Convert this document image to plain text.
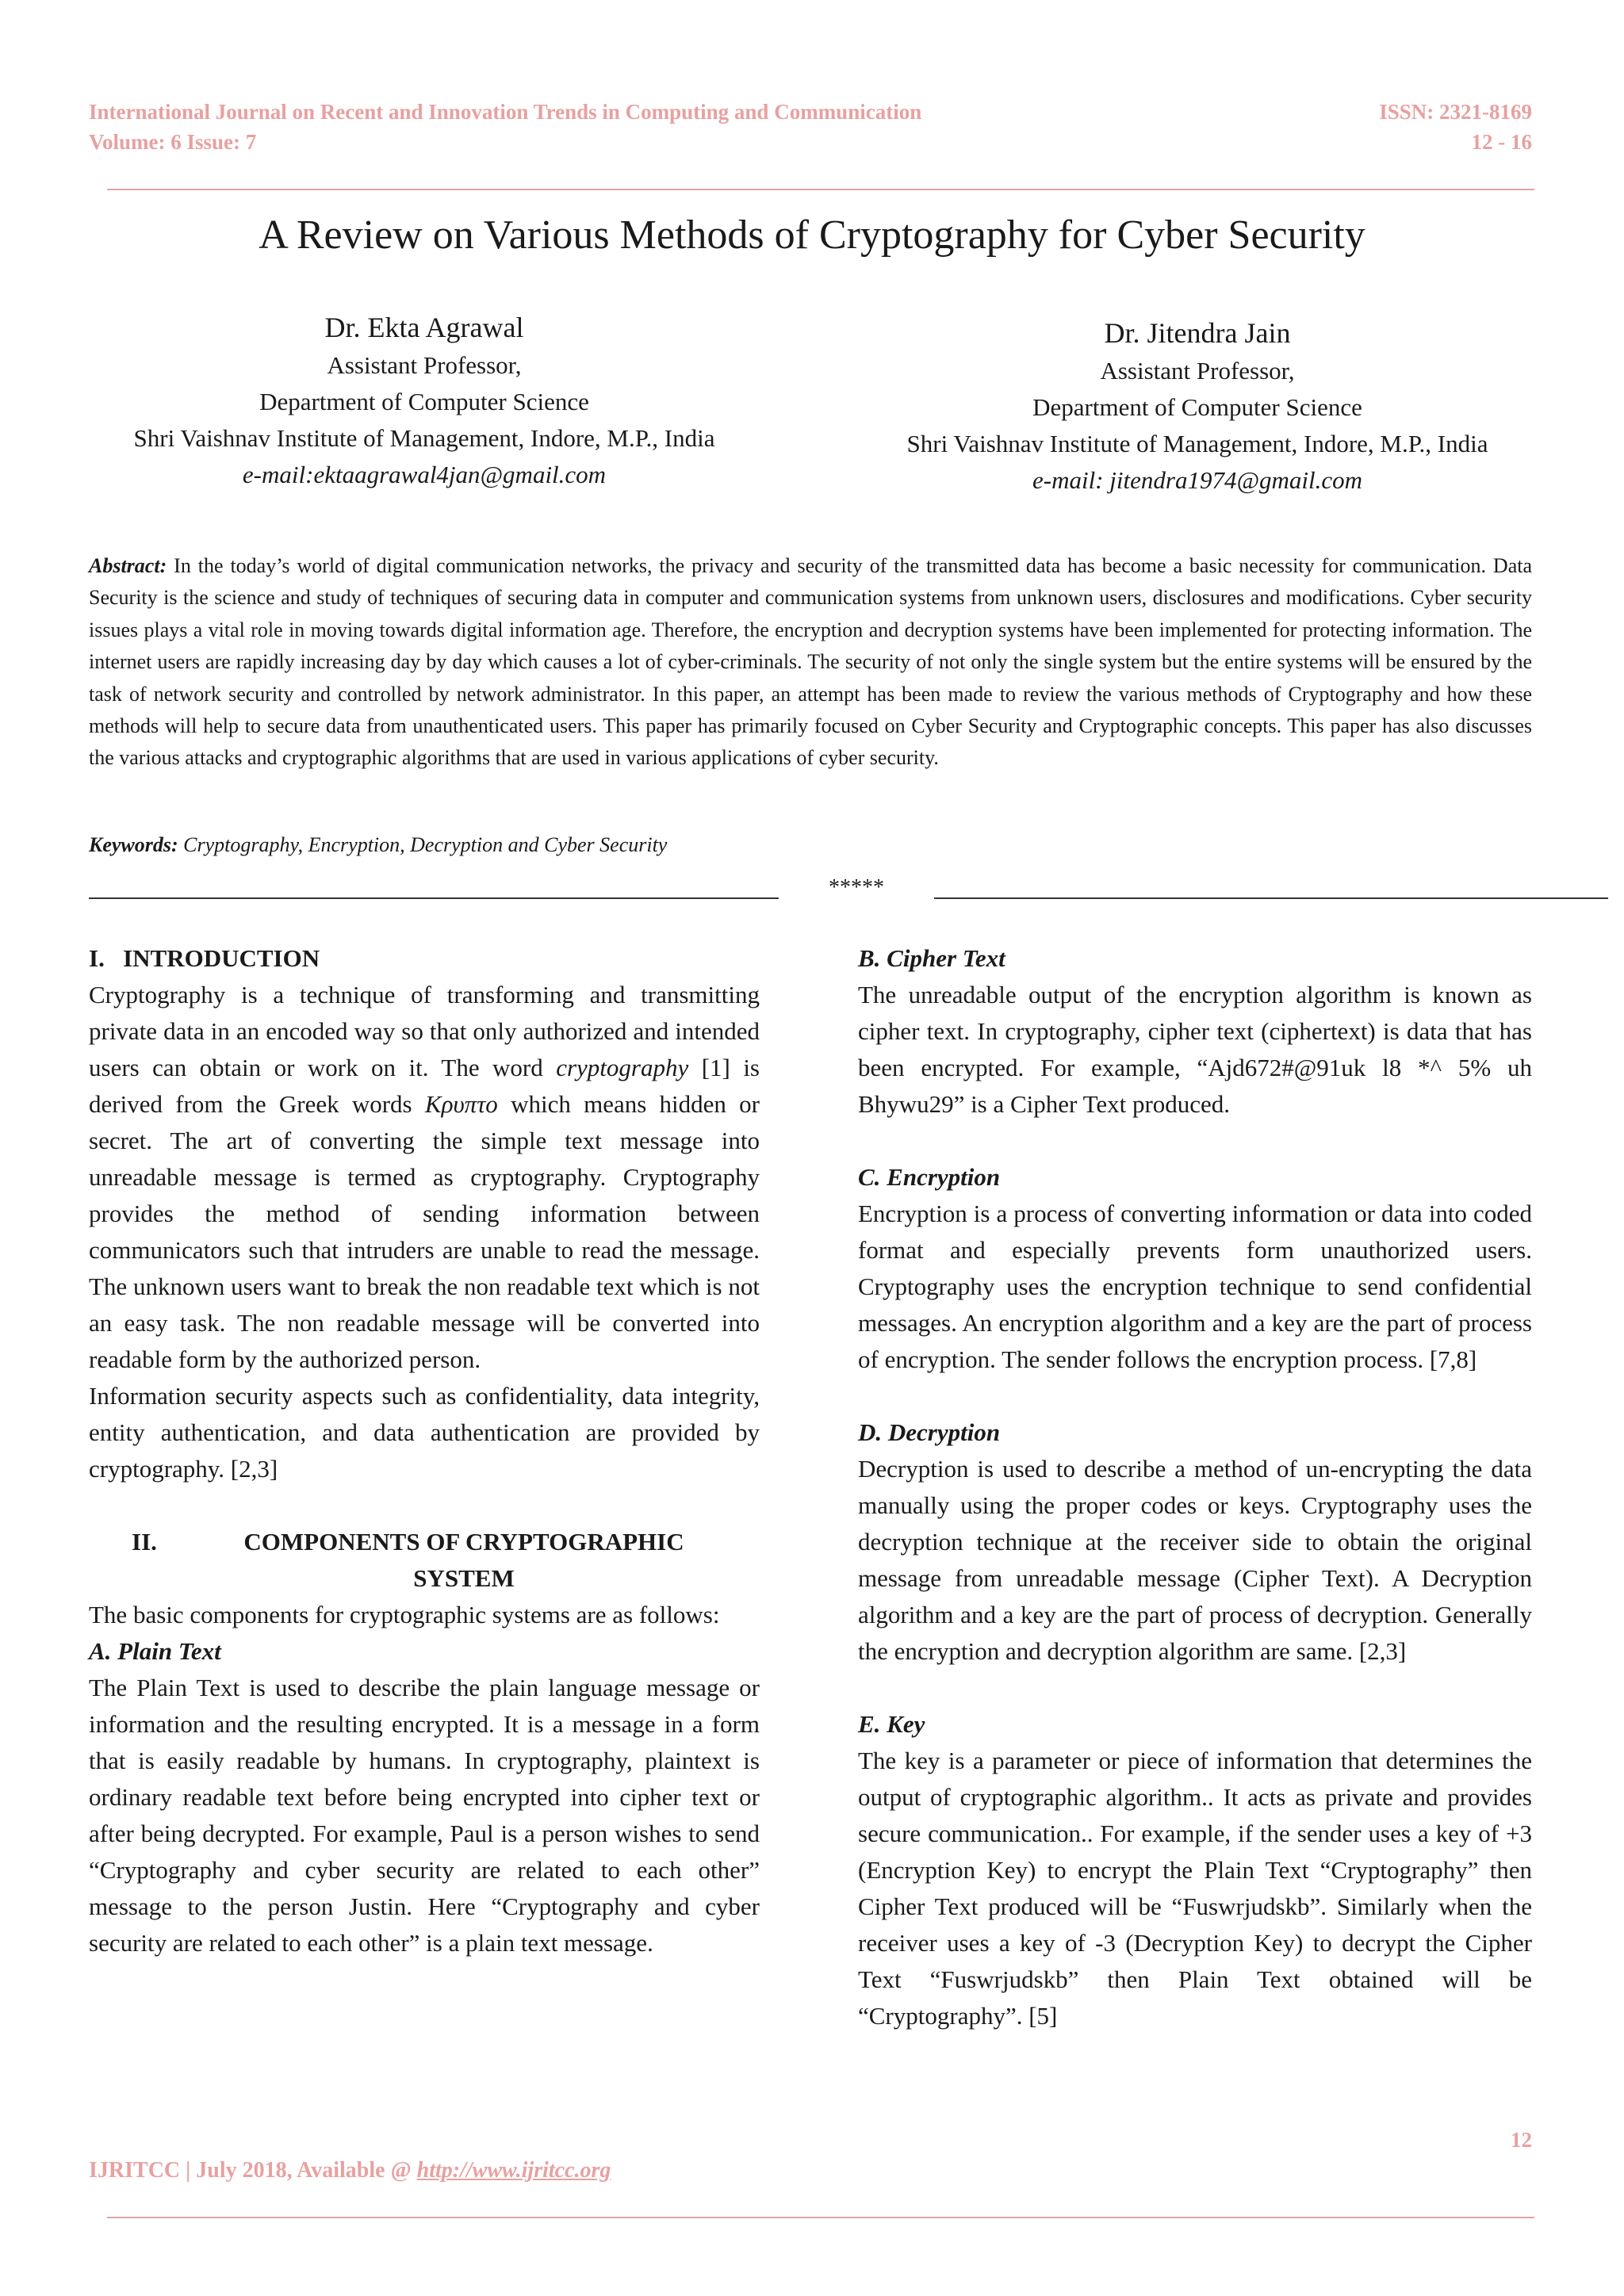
International Journal on Recent and Innovation Trends in Computing and Communication
Volume: 6 Issue: 7
ISSN: 2321-8169
12 - 16
A Review on Various Methods of Cryptography for Cyber Security
Dr. Ekta Agrawal
Assistant Professor,
Department of Computer Science
Shri Vaishnav Institute of Management, Indore, M.P., India
e-mail:ektaagrawal4jan@gmail.com
Dr. Jitendra Jain
Assistant Professor,
Department of Computer Science
Shri Vaishnav Institute of Management, Indore, M.P., India
e-mail: jitendra1974@gmail.com
Abstract: In the today’s world of digital communication networks, the privacy and security of the transmitted data has become a basic necessity for communication. Data Security is the science and study of techniques of securing data in computer and communication systems from unknown users, disclosures and modifications. Cyber security issues plays a vital role in moving towards digital information age. Therefore, the encryption and decryption systems have been implemented for protecting information. The internet users are rapidly increasing day by day which causes a lot of cyber-criminals. The security of not only the single system but the entire systems will be ensured by the task of network security and controlled by network administrator. In this paper, an attempt has been made to review the various methods of Cryptography and how these methods will help to secure data from unauthenticated users. This paper has primarily focused on Cyber Security and Cryptographic concepts. This paper has also discusses the various attacks and cryptographic algorithms that are used in various applications of cyber security.
Keywords: Cryptography, Encryption, Decryption and Cyber Security
*****

I.   INTRODUCTION

Cryptography is a technique of transforming and transmitting private data in an encoded way so that only authorized and intended users can obtain or work on it. The word cryptography [1] is derived from the Greek words Kρυπτο which means hidden or secret. The art of converting the simple text message into unreadable message is termed as cryptography. Cryptography provides the method of sending information between communicators such that intruders are unable to read the message. The unknown users want to break the non readable text which is not an easy task. The non readable message will be converted into readable form by the authorized person.

Information security aspects such as confidentiality, data integrity, entity authentication, and data authentication are provided by cryptography. [2,3]

II.	COMPONENTS OF CRYPTOGRAPHIC SYSTEM

The basic components for cryptographic systems are as follows:

A. Plain Text

The Plain Text is used to describe the plain language message or information and the resulting encrypted. It is a message in a form that is easily readable by humans. In cryptography, plaintext is ordinary readable text before being encrypted into cipher text or after being decrypted. For example, Paul is a person wishes to send “Cryptography and cyber security are related to each other” message to the person Justin. Here “Cryptography and cyber security are related to each other” is a plain text message.

B. Cipher Text

The unreadable output of the encryption algorithm is known as cipher text. In cryptography, cipher text (ciphertext) is data that has been encrypted. For example, “Ajd672#@91uk l8 *^ 5% uh Bhywu29” is a Cipher Text produced.

C. Encryption

Encryption is a process of converting information or data into coded format and especially prevents form unauthorized users. Cryptography uses the encryption technique to send confidential messages. An encryption algorithm and a key are the part of process of encryption. The sender follows the encryption process. [7,8]

D. Decryption

Decryption is used to describe a method of un-encrypting the data manually using the proper codes or keys. Cryptography uses the decryption technique at the receiver side to obtain the original message from unreadable message (Cipher Text). A Decryption algorithm and a key are the part of process of decryption. Generally the encryption and decryption algorithm are same. [2,3]

E. Key

The key is a parameter or piece of information that determines the output of cryptographic algorithm.. It acts as private and provides secure communication.. For example, if the sender uses a key of +3 (Encryption Key) to encrypt the Plain Text “Cryptography” then Cipher Text produced will be “Fuswrjudskb”. Similarly when the receiver uses a key of -3 (Decryption Key) to decrypt the Cipher Text “Fuswrjudskb” then Plain Text obtained will be “Cryptography”. [5]

12
IJRITCC | July 2018, Available @ http://www.ijritcc.org
